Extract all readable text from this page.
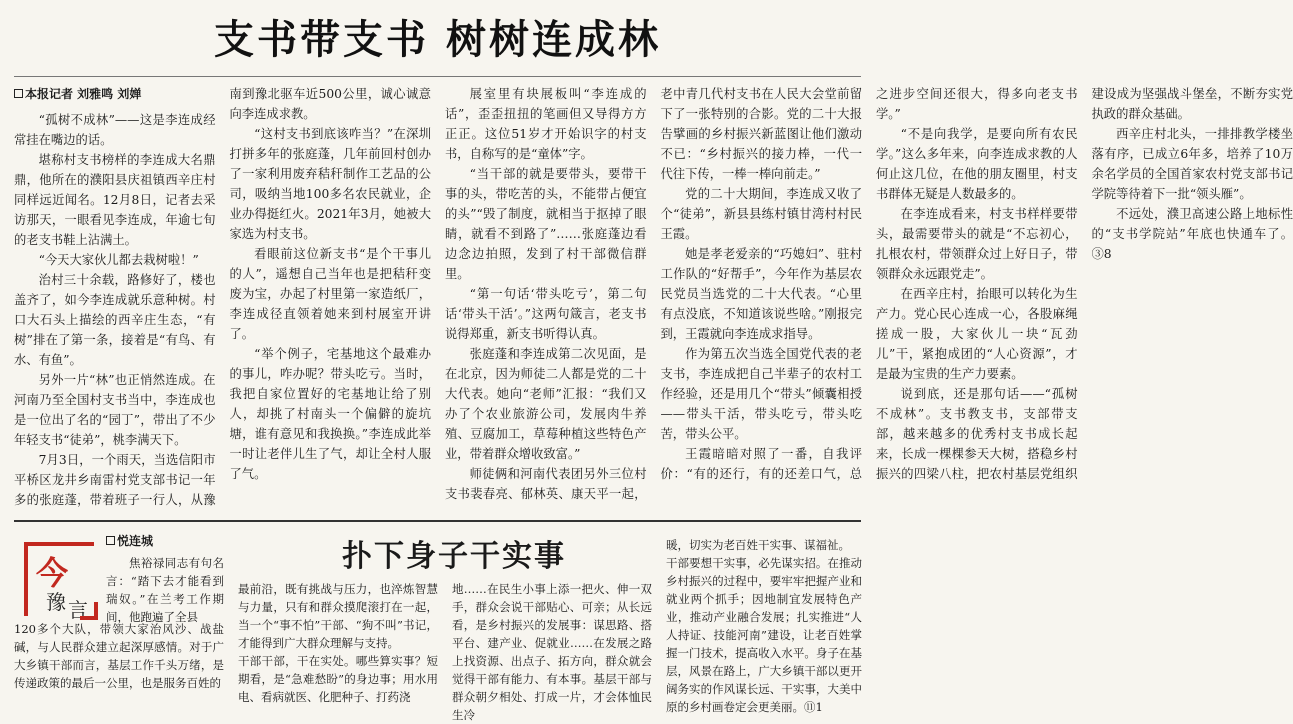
支书带支书 树树连成林
本报记者 刘雅鸣 刘婵

“孤树不成林”——这是李连成经常挂在嘴边的话。

堪称村支书榜样的李连成大名鼎鼎，他所在的濮阳县庆祖镇西辛庄村同样远近闻名。12月8日，记者去采访那天，一眼看见李连成，年逾七旬的老支书鞋上沾满土。

“今天大家伙儿都去栽树啦！”

治村三十余载，路修好了，楼也盖齐了，如今李连成就乐意种树。村口大石头上描绘的西辛庄生态，“有树”排在了第一条，接着是“有鸟、有水、有鱼”。

另外一片“林”也正悄然连成。在河南乃至全国村支书当中，李连成也是一位出了名的“园丁”，带出了不少年轻支书“徒弟”，桃李满天下。

7月3日，一个雨天，当选信阳市平桥区龙井乡南雷村党支部书记一年多的张庭蓬，带着班子一行人，从豫南到豫北驱车近500公里，诚心诚意向李连成求教。

“这村支书到底该咋当？”在深圳打拼多年的张庭蓬，几年前回村创办了一家利用废弃秸秆制作工艺品的公司，吸纳当地100多名农民就业，企业办得挺红火。2021年3月，她被大家选为村支书。

看眼前这位新支书“是个干事儿的人”，遥想自己当年也是把秸秆变废为宝，办起了村里第一家造纸厂，李连成径直领着她来到村展室开讲了。

“举个例子，宅基地这个最难办的事儿，咋办呢？带头吃亏。当时，我把自家位置好的宅基地让给了别人，却挑了村南头一个偏僻的旋坑塘，谁有意见和我换换。”李连成此举一时让老伴儿生了气，却让全村人服了气。

展室里有块展板叫“李连成的话”，歪歪扭扭的笔画但又导得方方正正。这位51岁才开始识字的村支书，自称写的是“童体”字。

“当干部的就是要带头，要带干事的头，带吃苦的头，不能带占便宜的头”“毁了制度，就相当于抠掉了眼睛，就看不到路了”……张庭蓬边看边念边拍照，发到了村干部微信群里。

“第一句话‘带头吃亏’，第二句话‘带头干活’。”这两句箴言，老支书说得郑重，新支书听得认真。

张庭蓬和李连成第二次见面，是在北京，因为师徒二人都是党的二十大代表。她向“老师”汇报：“我们又办了个农业旅游公司，发展肉牛养殖、豆腐加工，草莓种植这些特色产业，带着群众增收致富。”

师徒俩和河南代表团另外三位村支书裴春亮、郁林英、康天平一起，老中青几代村支书在人民大会堂前留下了一张特别的合影。党的二十大报告擘画的乡村振兴新蓝图让他们激动不已：“乡村振兴的接力棒，一代一代往下传，一棒一棒向前走。”

党的二十大期间，李连成又收了个“徒弟”，新县县练村镇甘湾村村民王霞。

她是孝老爱亲的“巧媳妇”、驻村工作队的“好帮手”，今年作为基层农民党员当选党的二十大代表。“心里有点没底，不知道该说些啥。”刚报完到，王霞就向李连成求指导。

作为第五次当选全国党代表的老支书，李连成把自己半辈子的农村工作经验，还是用几个“带头”倾囊相授——带头干活，带头吃亏，带头吃苦，带头公平。

王霞暗暗对照了一番，自我评价：“有的还行，有的还差口气，总之进步空间还很大，得多向老支书学。”

“不是向我学，是要向所有农民学。”这么多年来，向李连成求教的人何止这几位，在他的朋友圈里，村支书群体无疑是人数最多的。

在李连成看来，村支书样样要带头，最需要带头的就是“不忘初心，扎根农村，带领群众过上好日子，带领群众永远跟党走”。

在西辛庄村，抬眼可以转化为生产力。党心民心连成一心，各股麻绳搓成一股，大家伙儿一块“瓦劲儿”干，紧抱成团的“人心资源”，才是最为宝贵的生产力要素。

说到底，还是那句话——“孤树不成林”。支书教支书，支部带支部，越来越多的优秀村支书成长起来，长成一棵棵参天大树，搭稳乡村振兴的四梁八柱，把农村基层党组织建设成为坚强战斗堡垒，不断夯实党执政的群众基础。

西辛庄村北头，一排排教学楼坐落有序，已成立6年多，培养了10万余名学员的全国首家农村党支部书记学院等待着下一批“领头雁”。

不远处，濮卫高速公路上地标性的“支书学院站”年底也快通车了。③8

今
豫 言
悦连城	扑下身子干实事

焦裕禄同志有句名言：“踏下去才能看到瑞奴。”在兰考工作期间，他跑遍了全县

120多个大队，带领大家治风沙、战盐碱，与人民群众建立起深厚感情。对于广大乡镇干部而言，基层工作千头万绪，是传递政策的最后一公里，也是服务百姓的
最前沿，既有挑战与压力，也淬炼智慧与力量，只有和群众摸爬滚打在一起，当一个“事不怕”干部、“狗不叫”书记，才能得到广大群众理解与支持。
干部干部，干在实处。哪些算实事？短期看，是“急难愁盼”的身边事；用水用电、看病就医、化肥种子、打药浇
地……在民生小事上添一把火、伸一双手，群众会说干部贴心、可亲；从长远看，是乡村振兴的发展事：谋思路、搭平台、建产业、促就业……在发展之路上找资源、出点子、拓方向，群众就会觉得干部有能力、有本事。基层干部与群众朝夕相处、打成一片，才会体恤民生冷
暖，切实为老百姓干实事、谋福祉。
干部要想干实事，必先谋实招。在推动乡村振兴的过程中，要牢牢把握产业和就业两个抓手；因地制宜发展特色产业，推动产业融合发展；扎实推进“人人持证、技能河南”建设，让老百姓掌握一门技术，提高收入水平。身子在基层，风景在路上，广大乡镇干部以更开阔务实的作风谋长远、干实事，大美中原的乡村画卷定会更美丽。⑪1
